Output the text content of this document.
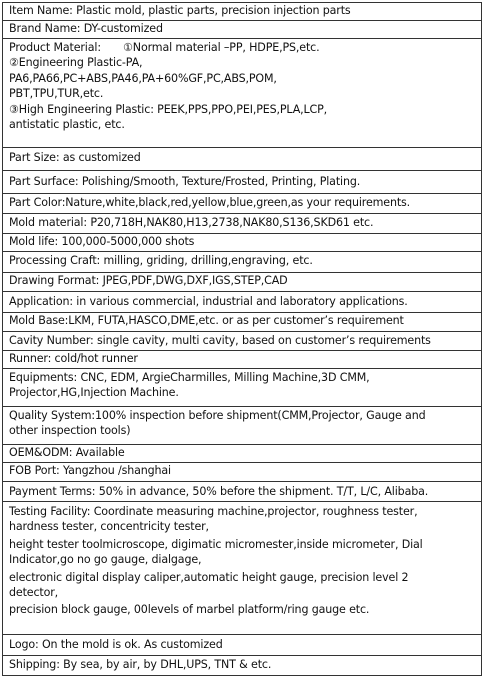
Item Name: Plastic mold, plastic parts, precision injection parts
Brand Name: DY-customized
Product Material:	①Normal material –PP, HDPE,PS,etc.
②Engineering Plastic-PA,
PA6,PA66,PC+ABS,PA46,PA+60%GF,PC,ABS,POM,
PBT,TPU,TUR,etc.
③High Engineering Plastic: PEEK,PPS,PPO,PEI,PES,PLA,LCP,
antistatic plastic, etc.
Part Size: as customized
Part Surface: Polishing/Smooth, Texture/Frosted, Printing, Plating.
Part Color:Nature,white,black,red,yellow,blue,green,as your requirements.
Mold material: P20,718H,NAK80,H13,2738,NAK80,S136,SKD61 etc.
Mold life: 100,000-5000,000 shots
Processing Craft: milling, griding, drilling,engraving, etc.
Drawing Format: JPEG,PDF,DWG,DXF,IGS,STEP,CAD
Application: in various commercial, industrial and laboratory applications.
Mold Base:LKM, FUTA,HASCO,DME,etc. or as per customer’s requirement
Cavity Number: single cavity, multi cavity, based on customer’s requirements
Runner: cold/hot runner
Equipments: CNC, EDM, ArgieCharmilles, Milling Machine,3D CMM,
Projector,HG,Injection Machine.
Quality System:100% inspection before shipment(CMM,Projector, Gauge and
other inspection tools)
OEM&ODM: Available
FOB Port: Yangzhou /shanghai
Payment Terms: 50% in advance, 50% before the shipment. T/T, L/C, Alibaba.
Testing Facility: Coordinate measuring machine,projector, roughness tester,
hardness tester, concentricity tester,
height tester toolmicroscope, digimatic micromester,inside micrometer, Dial
Indicator,go no go gauge, dialgage,
electronic digital display caliper,automatic height gauge, precision level 2
detector,
precision block gauge, 00levels of marbel platform/ring gauge etc.
Logo: On the mold is ok. As customized
Shipping: By sea, by air, by DHL,UPS, TNT & etc.
